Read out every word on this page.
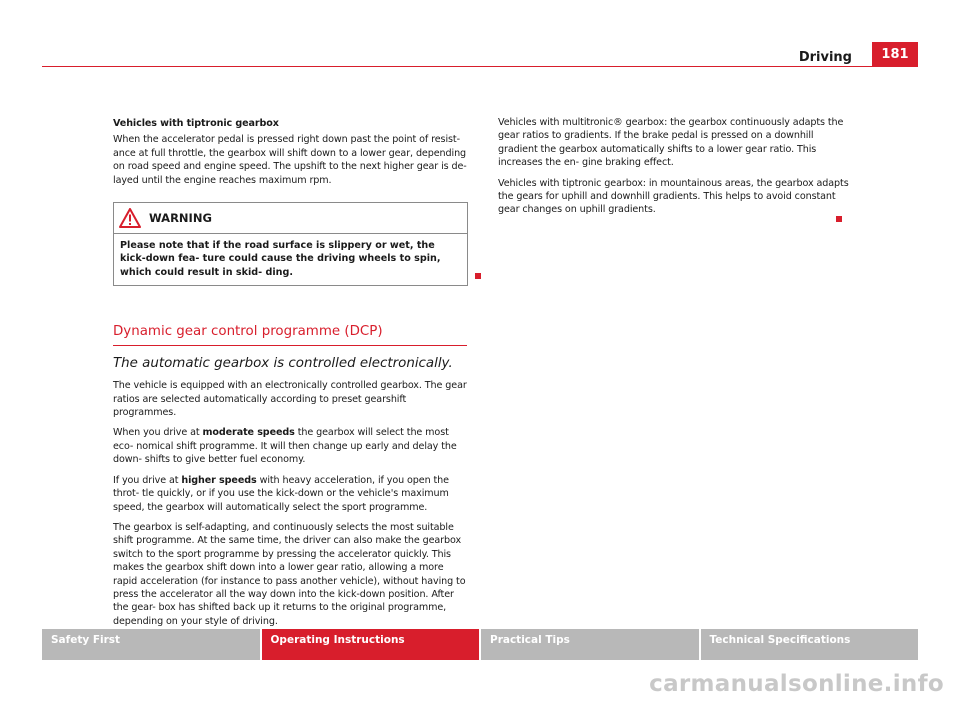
Driving	181

Vehicles with tiptronic gearbox

When the accelerator pedal is pressed right down past the point of resist- ance at full throttle, the gearbox will shift down to a lower gear, depending on road speed and engine speed. The upshift to the next higher gear is de- layed until the engine reaches maximum rpm.

WARNING
Please note that if the road surface is slippery or wet, the kick-down fea- ture could cause the driving wheels to spin, which could result in skid- ding.
Dynamic gear control programme (DCP)
The automatic gearbox is controlled electronically.

The vehicle is equipped with an electronically controlled gearbox. The gear ratios are selected automatically according to preset gearshift programmes.

When you drive at moderate speeds the gearbox will select the most eco- nomical shift programme. It will then change up early and delay the down- shifts to give better fuel economy.

If you drive at higher speeds with heavy acceleration, if you open the throt- tle quickly, or if you use the kick-down or the vehicle's maximum speed, the gearbox will automatically select the sport programme.

The gearbox is self-adapting, and continuously selects the most suitable shift programme. At the same time, the driver can also make the gearbox switch to the sport programme by pressing the accelerator quickly. This makes the gearbox shift down into a lower gear ratio, allowing a more rapid acceleration (for instance to pass another vehicle), without having to press the accelerator all the way down into the kick-down position. After the gear- box has shifted back up it returns to the original programme, depending on your style of driving.

Vehicles with multitronic® gearbox: the gearbox continuously adapts the gear ratios to gradients. If the brake pedal is pressed on a downhill gradient the gearbox automatically shifts to a lower gear ratio. This increases the en- gine braking effect.

Vehicles with tiptronic gearbox: in mountainous areas, the gearbox adapts the gears for uphill and downhill gradients. This helps to avoid constant gear changes on uphill gradients.

Safety First	Operating Instructions	Practical Tips	Technical Specifications
carmanualsonline.info
